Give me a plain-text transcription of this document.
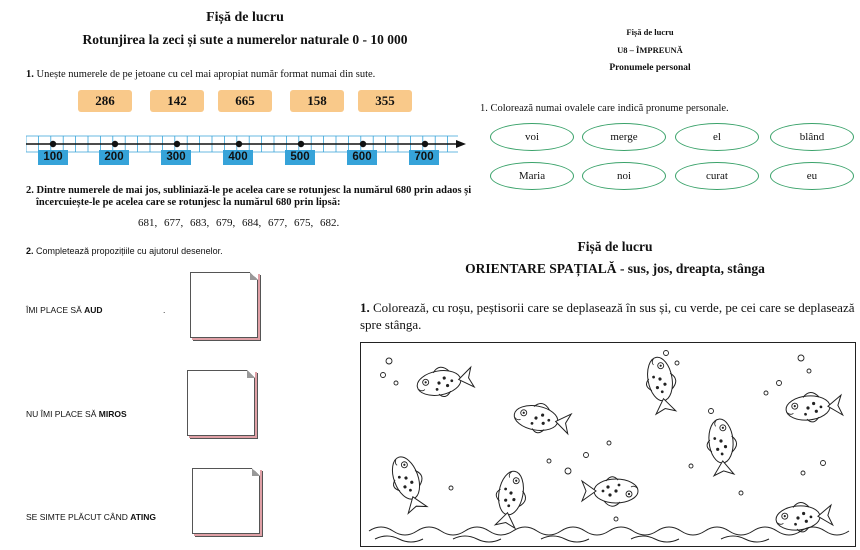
Fișă de lucru
Rotunjirea la zeci și sute a numerelor naturale 0 - 10 000
1. Unește numerele de pe jetoane cu cel mai apropiat număr format numai din sute.
286	142	665	158	355
100	200	300	400	500	600	700
2. Dintre numerele de mai jos, subliniază-le pe acelea care se rotunjesc la numărul 680 prin adaos și
încercuiește-le pe acelea care se rotunjesc la numărul 680 prin lipsă:
681, 677, 683, 679, 684, 677, 675, 682.
2. Completează propozițiile cu ajutorul desenelor.
ÎMI PLACE SĂ AUD	.
NU ÎMI PLACE SĂ MIROS
SE SIMTE PLĂCUT CÂND ATING
Fișă de lucru
U8 – ÎMPREUNĂ
Pronumele personal
1. Colorează numai ovalele care indică pronume personale.
voi	merge	el	blând
Maria	noi	curat	eu
Fișă de lucru
ORIENTARE SPAȚIALĂ - sus, jos, dreapta, stânga
1. Colorează, cu roșu, peștisorii care se deplasează în sus și, cu verde, pe cei care se deplasează spre stânga.
